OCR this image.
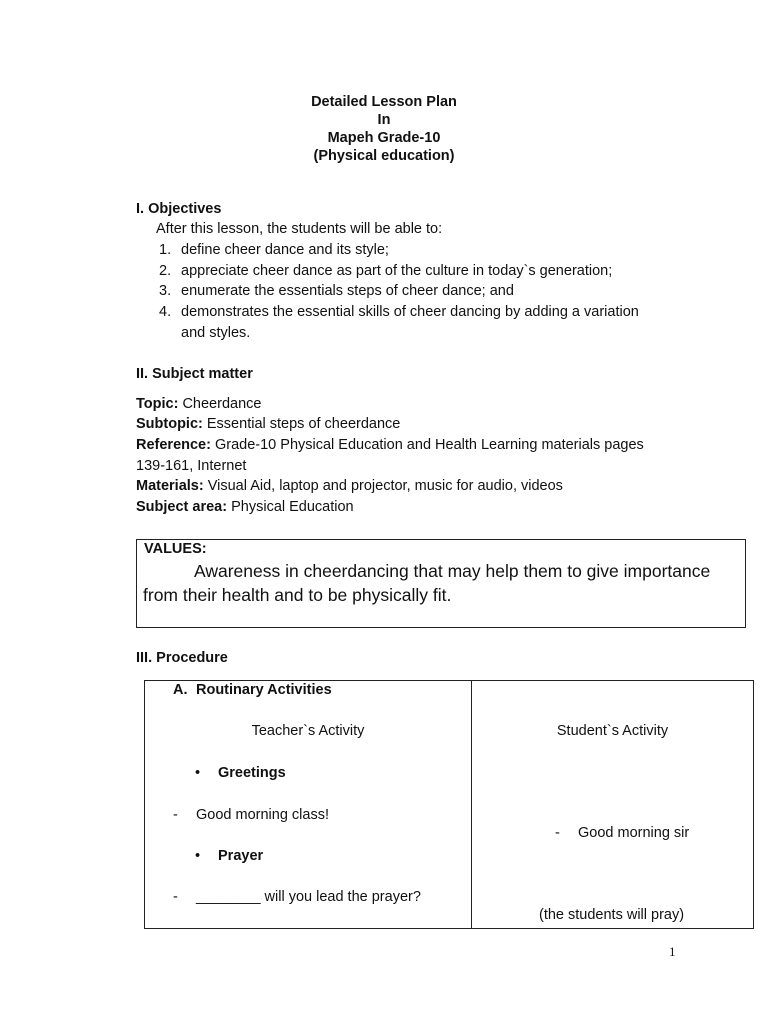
Detailed Lesson Plan
In
Mapeh Grade-10
(Physical education)
I. Objectives
After this lesson, the students will be able to:
1. define cheer dance and its style;
2. appreciate cheer dance as part of the culture in today`s generation;
3. enumerate the essentials steps of cheer dance; and
4. demonstrates the essential skills of cheer dancing by adding a variation
and styles.
II. Subject matter
Topic: Cheerdance
Subtopic: Essential steps of cheerdance
Reference: Grade-10 Physical Education and Health Learning materials pages
139-161, Internet
Materials: Visual Aid, laptop and projector, music for audio, videos
Subject area: Physical Education
VALUES:
Awareness in cheerdancing that may help them to give importance from their health and to be physically fit.
III. Procedure
A. Routinary Activities
Teacher`s Activity
• Greetings
- Good morning class!
• Prayer
- ________ will you lead the prayer?
Student`s Activity
- Good morning sir
(the students will pray)
1
